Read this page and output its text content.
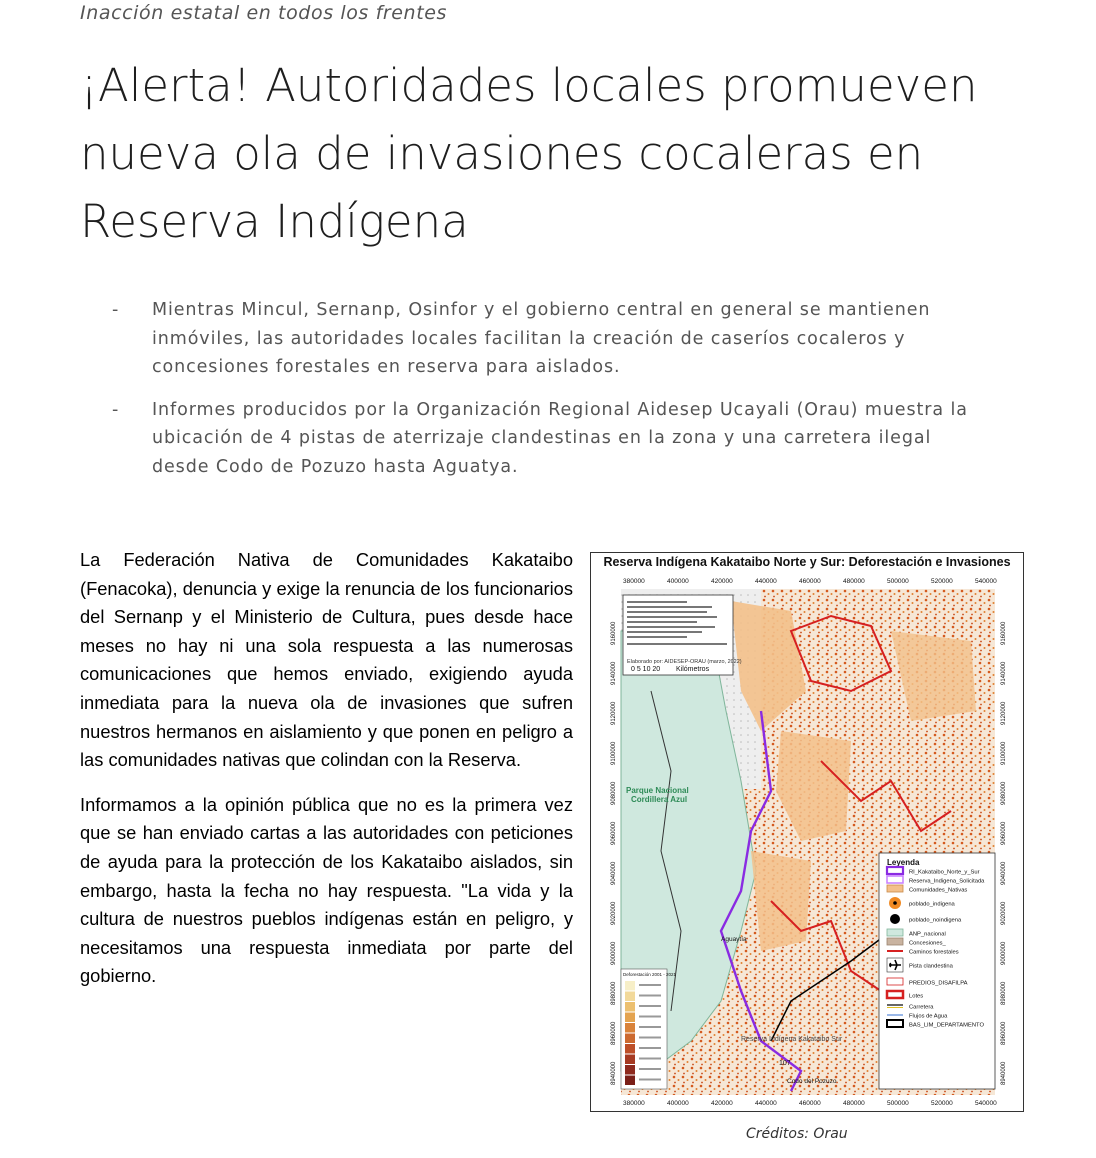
Inacción estatal en todos los frentes
¡Alerta! Autoridades locales promueven nueva ola de invasiones cocaleras en Reserva Indígena
- Mientras Mincul, Sernanp, Osinfor y el gobierno central en general se mantienen inmóviles, las autoridades locales facilitan la creación de caseríos cocaleros y concesiones forestales en reserva para aislados.
- Informes producidos por la Organización Regional Aidesep Ucayali (Orau) muestra la ubicación de 4 pistas de aterrizaje clandestinas en la zona y una carretera ilegal desde Codo de Pozuzo hasta Aguatya.

La Federación Nativa de Comunidades Kakataibo (Fenacoka), denuncia y exige la renuncia de los funcionarios del Sernanp y el Ministerio de Cultura, pues desde hace meses no hay ni una sola respuesta a las numerosas comunicaciones que hemos enviado, exigiendo ayuda inmediata para la nueva ola de invasiones que sufren nuestros hermanos en aislamiento y que ponen en peligro a las comunidades nativas que colindan con la Reserva.

Informamos a la opinión pública que no es la primera vez que se han enviado cartas a las autoridades con peticiones de ayuda para la protección de los Kakataibo aislados, sin embargo, hasta la fecha no hay respuesta. "La vida y la cultura de nuestros pueblos indígenas están en peligro, y necesitamos una respuesta inmediata por parte del gobierno.

Reserva Indígena Kakataibo Norte y Sur: Deforestación e Invasiones
Elaborado por: AIDESEP-ORAU (marzo, 2022)
0 5 10 20 Kilómetros
380000	400000	420000	440000	460000	480000	500000	520000	540000
380000	400000	420000	440000	460000	480000	500000	520000	540000
9160000
9140000
9120000
9100000
9080000
9060000
9040000
9020000
9000000
8980000
8960000
8940000
9160000
9140000
9120000
9100000
9080000
9060000
9040000
9020000
9000000
8980000
8960000
8940000
Parque Nacional
Cordillera Azul
Reserva Indígena Kakataibo Sur
107
Aguaytía
Codo del Pozuzo
Deforestación 2001 - 2021
Leyenda
RI_Kakataibo_Norte_y_Sur
Reserva_Indigena_Solicitada
Comunidades_Nativas
poblado_indigena
poblado_noindigena
ANP_nacional
Concesiones_
Caminos forestales
Pista clandestina
PREDIOS_DISAFILPA
Lotes
Carretera
Flujos de Agua
BAS_LIM_DEPARTAMENTO
Créditos: Orau
